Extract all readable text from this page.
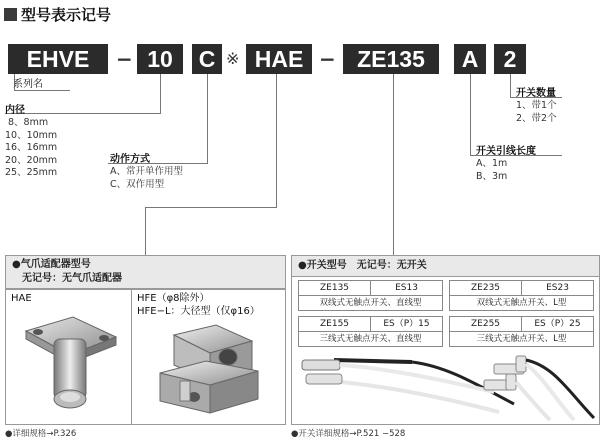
型号表示记号
EHVE	− 10	C ※ HAE − ZE135	A	2
系列名
内径
8、8mm
10、10mm
16、16mm
20、20mm
25、25mm
动作方式
A、常开单作用型
C、双作用型
开关引线长度
A、1m
B、3m
开关数量
1、带1个
2、带2个
●气爪适配器型号
无记号：无气爪适配器
HAE	HFE（φ8除外）
HFE−L：大径型（仅φ16）
●详细规格→P.326
●开关型号　无记号：无开关
ZE135	ES13
双线式无触点开关、直线型
ZE235	ES23
双线式无触点开关、L型
ZE155	ES（P）15
三线式无触点开关、直线型
ZE255	ES（P）25
三线式无触点开关、L型
●开关详细规格→P.521 −528
